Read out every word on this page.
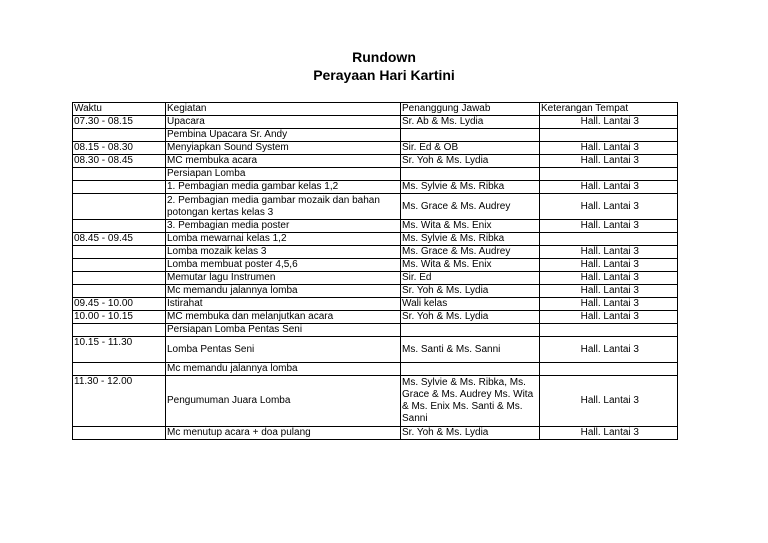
Rundown
Perayaan Hari Kartini
Waktu	Kegiatan	Penanggung Jawab	Keterangan Tempat
07.30 - 08.15	Upacara	Sr. Ab & Ms. Lydia	Hall. Lantai 3
	Pembina Upacara Sr. Andy		
08.15 - 08.30	Menyiapkan Sound System	Sir. Ed & OB	Hall. Lantai 3
08.30 - 08.45	MC membuka acara	Sr. Yoh & Ms. Lydia	Hall. Lantai 3
	Persiapan Lomba		
	1. Pembagian media gambar kelas 1,2	Ms. Sylvie & Ms. Ribka	Hall. Lantai 3
	2. Pembagian media gambar mozaik dan bahan potongan kertas kelas 3	Ms. Grace & Ms. Audrey	Hall. Lantai 3
	3. Pembagian media poster	Ms. Wita & Ms. Enix	Hall. Lantai 3
08.45 - 09.45	Lomba mewarnai kelas 1,2	Ms. Sylvie & Ms. Ribka	
	Lomba mozaik kelas 3	Ms. Grace & Ms. Audrey	Hall. Lantai 3
	Lomba membuat poster 4,5,6	Ms. Wita & Ms. Enix	Hall. Lantai 3
	Memutar lagu Instrumen	Sir. Ed	Hall. Lantai 3
	Mc memandu jalannya lomba	Sr. Yoh & Ms. Lydia	Hall. Lantai 3
09.45 - 10.00	Istirahat	Wali kelas	Hall. Lantai 3
10.00 - 10.15	MC membuka dan melanjutkan acara	Sr. Yoh & Ms. Lydia	Hall. Lantai 3
	Persiapan Lomba Pentas Seni		
10.15 - 11.30	Lomba Pentas Seni	Ms. Santi & Ms. Sanni	Hall. Lantai 3
	Mc memandu jalannya lomba		
11.30 - 12.00	Pengumuman Juara Lomba	Ms. Sylvie & Ms. Ribka, Ms. Grace & Ms. Audrey Ms. Wita & Ms. Enix Ms. Santi & Ms. Sanni	Hall. Lantai 3
	Mc menutup acara + doa pulang	Sr. Yoh & Ms. Lydia	Hall. Lantai 3
